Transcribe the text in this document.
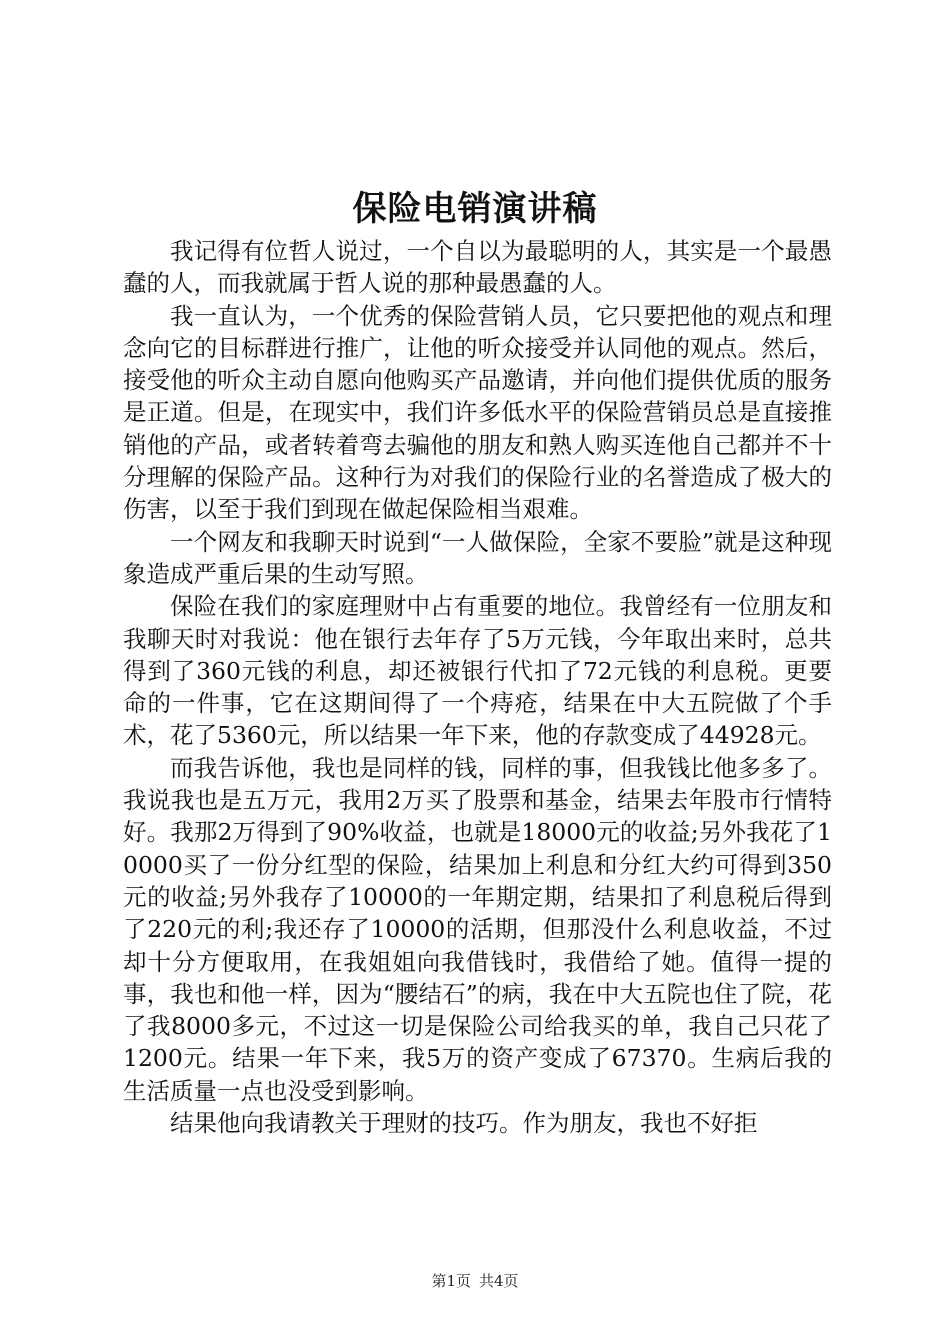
保险电销演讲稿

我记得有位哲人说过，一个自以为最聪明的人，其实是一个最愚蠢的人，而我就属于哲人说的那种最愚蠢的人。

我一直认为，一个优秀的保险营销人员，它只要把他的观点和理念向它的目标群进行推广，让他的听众接受并认同他的观点。然后，接受他的听众主动自愿向他购买产品邀请，并向他们提供优质的服务是正道。但是，在现实中，我们许多低水平的保险营销员总是直接推销他的产品，或者转着弯去骗他的朋友和熟人购买连他自己都并不十分理解的保险产品。这种行为对我们的保险行业的名誉造成了极大的伤害，以至于我们到现在做起保险相当艰难。

一个网友和我聊天时说到“一人做保险，全家不要脸”就是这种现象造成严重后果的生动写照。

保险在我们的家庭理财中占有重要的地位。我曾经有一位朋友和我聊天时对我说：他在银行去年存了5万元钱，今年取出来时，总共得到了360元钱的利息，却还被银行代扣了72元钱的利息税。更要命的一件事，它在这期间得了一个痔疮，结果在中大五院做了个手术，花了5360元，所以结果一年下来，他的存款变成了44928元。

而我告诉他，我也是同样的钱，同样的事，但我钱比他多多了。我说我也是五万元，我用2万买了股票和基金，结果去年股市行情特好。我那2万得到了90%收益，也就是18000元的收益;另外我花了10000买了一份分红型的保险，结果加上利息和分红大约可得到350元的收益;另外我存了10000的一年期定期，结果扣了利息税后得到了220元的利;我还存了10000的活期，但那没什么利息收益，不过却十分方便取用，在我姐姐向我借钱时，我借给了她。值得一提的事，我也和他一样，因为“腰结石”的病，我在中大五院也住了院，花了我8000多元，不过这一切是保险公司给我买的单，我自己只花了1200元。结果一年下来，我5万的资产变成了67370。生病后我的生活质量一点也没受到影响。

结果他向我请教关于理财的技巧。作为朋友，我也不好拒

第1页 共4页
